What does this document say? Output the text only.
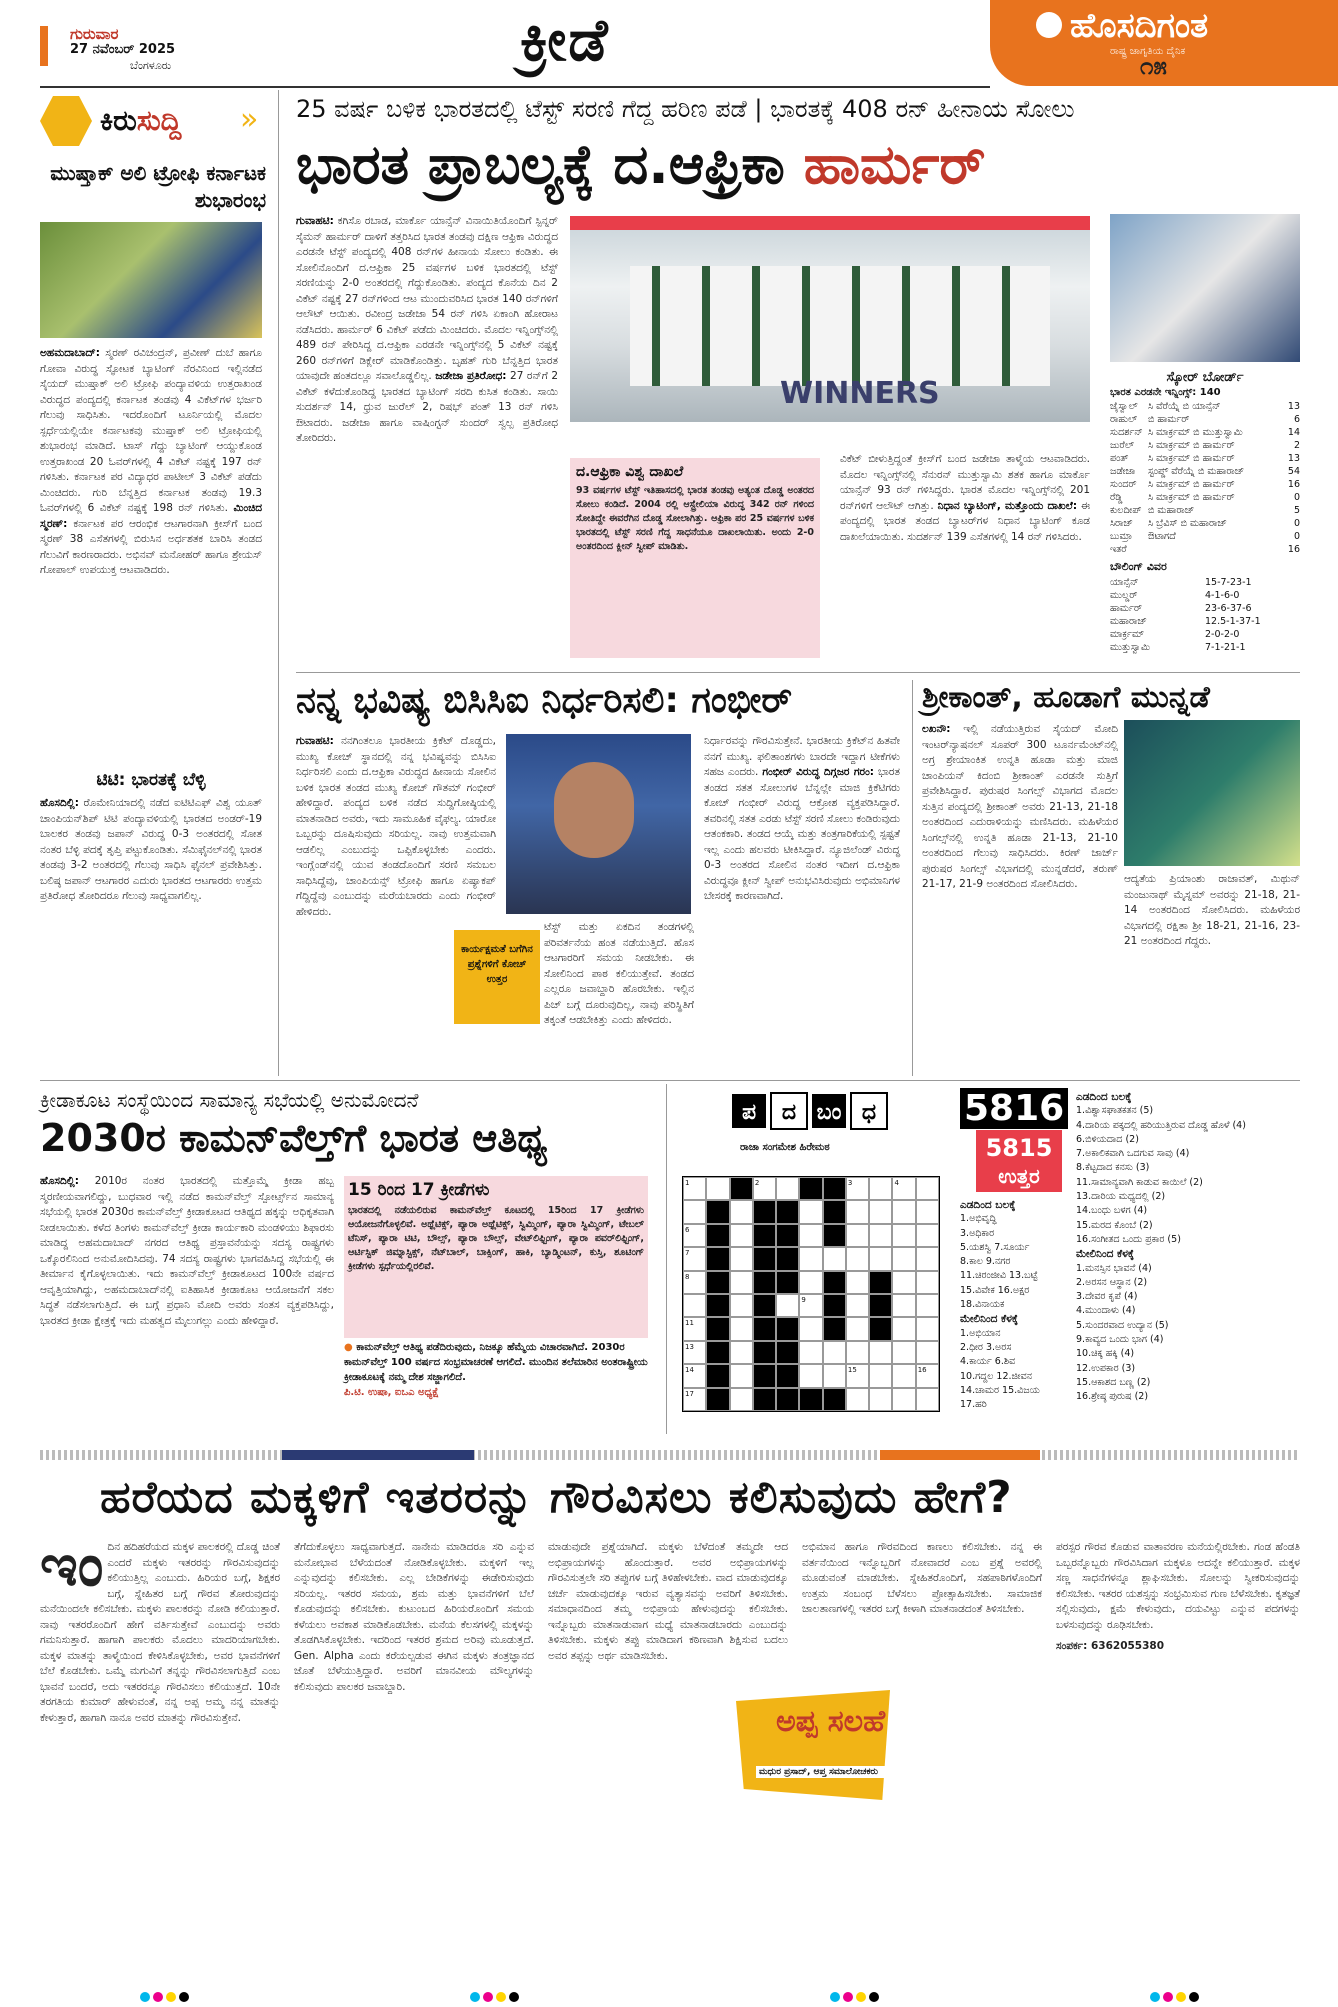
ಗುರುವಾರ
27 ನವೆಂಬರ್ 2025
ಬೆಂಗಳೂರು	ಕ್ರೀಡೆ	ಹೊಸದಿಗಂತ
ರಾಷ್ಟ್ರ ಜಾಗೃತಿಯ ದೈನಿಕ
೧೫
ಕಿರುಸುದ್ದಿ »
ಮುಷ್ತಾಕ್ ಅಲಿ ಟ್ರೋಫಿ ಕರ್ನಾಟಕ ಶುಭಾರಂಭ
ಅಹಮದಾಬಾದ್: ಸ್ಮರಣ್ ರವಿಚಂದ್ರನ್, ಪ್ರವೀಣ್ ದುಬೆ ಹಾಗೂ ಗೋವಾ ವಿರುದ್ಧ ಸ್ಫೋಟಕ ಬ್ಯಾಟಿಂಗ್ ನೆರವಿನಿಂದ ಇಲ್ಲಿನಡೆದ ಸೈಯದ್ ಮುಷ್ತಾಕ್ ಅಲಿ ಟ್ರೋಫಿ ಪಂದ್ಯಾವಳಿಯ ಉತ್ತರಾಖಂಡ ವಿರುದ್ಧದ ಪಂದ್ಯದಲ್ಲಿ ಕರ್ನಾಟಕ ತಂಡವು 4 ವಿಕೆಟ್‌ಗಳ ಭರ್ಜರಿ ಗೆಲುವು ಸಾಧಿಸಿತು. ಇದರೊಂದಿಗೆ ಟೂರ್ನಿಯಲ್ಲಿ ಮೊದಲ ಸ್ಪರ್ಧೆಯಲ್ಲಿಯೇ ಕರ್ನಾಟಕವು ಮುಷ್ತಾಕ್ ಅಲಿ ಟ್ರೋಫಿಯಲ್ಲಿ ಶುಭಾರಂಭ ಮಾಡಿದೆ. ಟಾಸ್ ಗೆದ್ದು ಬ್ಯಾಟಿಂಗ್ ಆಯ್ದುಕೊಂಡ ಉತ್ತರಾಖಂಡ 20 ಓವರ್‌ಗಳಲ್ಲಿ 4 ವಿಕೆಟ್ ನಷ್ಟಕ್ಕೆ 197 ರನ್ ಗಳಿಸಿತು. ಕರ್ನಾಟಕ ಪರ ವಿದ್ಯಾಧರ ಪಾಟೀಲ್ 3 ವಿಕೆಟ್ ಪಡೆದು ಮಿಂಚಿದರು. ಗುರಿ ಬೆನ್ನತ್ತಿದ ಕರ್ನಾಟಕ ತಂಡವು 19.3 ಓವರ್‌ಗಳಲ್ಲಿ 6 ವಿಕೆಟ್ ನಷ್ಟಕ್ಕೆ 198 ರನ್ ಗಳಿಸಿತು. ಮಿಂಚಿದ ಸ್ಮರಣ್: ಕರ್ನಾಟಕ ಪರ ಆರಂಭಿಕ ಆಟಗಾರನಾಗಿ ಕ್ರೀಸ್‌ಗೆ ಬಂದ ಸ್ಮರಣ್ 38 ಎಸೆತಗಳಲ್ಲಿ ಬಿರುಸಿನ ಅರ್ಧಶತಕ ಬಾರಿಸಿ ತಂಡದ ಗೆಲುವಿಗೆ ಕಾರಣರಾದರು. ಅಭಿನವ್ ಮನೋಹರ್ ಹಾಗೂ ಶ್ರೇಯಸ್ ಗೋಪಾಲ್ ಉಪಯುಕ್ತ ಆಟವಾಡಿದರು.
ಟಿಟಿ: ಭಾರತಕ್ಕೆ ಬೆಳ್ಳಿ
ಹೊಸದಿಲ್ಲಿ: ರೊಮೇನಿಯಾದಲ್ಲಿ ನಡೆದ ಐಟಿಟಿಎಫ್ ವಿಶ್ವ ಯೂತ್ ಚಾಂಪಿಯನ್‌ಶಿಪ್ ಟಿಟಿ ಪಂದ್ಯಾವಳಿಯಲ್ಲಿ ಭಾರತದ ಅಂಡರ್-19 ಬಾಲಕರ ತಂಡವು ಜಪಾನ್ ವಿರುದ್ಧ 0-3 ಅಂತರದಲ್ಲಿ ಸೋತ ನಂತರ ಬೆಳ್ಳಿ ಪದಕ್ಕೆ ತೃಪ್ತಿ ಪಟ್ಟುಕೊಂಡಿತು. ಸೆಮಿಫೈನಲ್‌ನಲ್ಲಿ ಭಾರತ ತಂಡವು 3-2 ಅಂತರದಲ್ಲಿ ಗೆಲುವು ಸಾಧಿಸಿ ಫೈನಲ್ ಪ್ರವೇಶಿಸಿತ್ತು. ಬಲಿಷ್ಠ ಜಪಾನ್ ಆಟಗಾರರ ಎದುರು ಭಾರತದ ಆಟಗಾರರು ಉತ್ತಮ ಪ್ರತಿರೋಧ ತೋರಿದರೂ ಗೆಲುವು ಸಾಧ್ಯವಾಗಲಿಲ್ಲ.
25 ವರ್ಷ ಬಳಿಕ ಭಾರತದಲ್ಲಿ ಟೆಸ್ಟ್ ಸರಣಿ ಗೆದ್ದ ಹರಿಣ ಪಡೆ | ಭಾರತಕ್ಕೆ 408 ರನ್ ಹೀನಾಯ ಸೋಲು
ಭಾರತ ಪ್ರಾಬಲ್ಯಕ್ಕೆ ದ.ಆಫ್ರಿಕಾ ಹಾರ್ಮರ್
ಗುವಾಹಟಿ: ಕಗಿಸೊ ರಬಾಡ, ಮಾರ್ಕೊ ಯಾನ್ಸೆನ್ ವಿನಾಯಿತಿಯೊಂದಿಗೆ ಸ್ಪಿನ್ನರ್ ಸೈಮನ್ ಹಾರ್ಮರ್ ದಾಳಿಗೆ ತತ್ತರಿಸಿದ ಭಾರತ ತಂಡವು ದಕ್ಷಿಣ ಆಫ್ರಿಕಾ ವಿರುದ್ಧದ ಎರಡನೇ ಟೆಸ್ಟ್ ಪಂದ್ಯದಲ್ಲಿ 408 ರನ್‌ಗಳ ಹೀನಾಯ ಸೋಲು ಕಂಡಿತು. ಈ ಸೋಲಿನೊಂದಿಗೆ ದ.ಆಫ್ರಿಕಾ 25 ವರ್ಷಗಳ ಬಳಿಕ ಭಾರತದಲ್ಲಿ ಟೆಸ್ಟ್ ಸರಣಿಯನ್ನು 2-0 ಅಂತರದಲ್ಲಿ ಗೆದ್ದುಕೊಂಡಿತು. ಪಂದ್ಯದ ಕೊನೆಯ ದಿನ 2 ವಿಕೆಟ್ ನಷ್ಟಕ್ಕೆ 27 ರನ್‌ಗಳಿಂದ ಆಟ ಮುಂದುವರಿಸಿದ ಭಾರತ 140 ರನ್‌ಗಳಿಗೆ ಆಲೌಟ್ ಆಯಿತು. ರವೀಂದ್ರ ಜಡೇಜಾ 54 ರನ್ ಗಳಿಸಿ ಏಕಾಂಗಿ ಹೋರಾಟ ನಡೆಸಿದರು. ಹಾರ್ಮರ್ 6 ವಿಕೆಟ್ ಪಡೆದು ಮಿಂಚಿದರು. ಮೊದಲ ಇನ್ನಿಂಗ್ಸ್‌ನಲ್ಲಿ 489 ರನ್ ಪೇರಿಸಿದ್ದ ದ.ಆಫ್ರಿಕಾ ಎರಡನೇ ಇನ್ನಿಂಗ್ಸ್‌ನಲ್ಲಿ 5 ವಿಕೆಟ್ ನಷ್ಟಕ್ಕೆ 260 ರನ್‌ಗಳಿಗೆ ಡಿಕ್ಲೇರ್ ಮಾಡಿಕೊಂಡಿತ್ತು. ಬೃಹತ್ ಗುರಿ ಬೆನ್ನತ್ತಿದ ಭಾರತ ಯಾವುದೇ ಹಂತದಲ್ಲೂ ಸವಾಲೊಡ್ಡಲಿಲ್ಲ. ಜಡೇಜಾ ಪ್ರತಿರೋಧ: 27 ರನ್‌ಗೆ 2 ವಿಕೆಟ್ ಕಳೆದುಕೊಂಡಿದ್ದ ಭಾರತದ ಬ್ಯಾಟಿಂಗ್ ಸರದಿ ಕುಸಿತ ಕಂಡಿತು. ಸಾಯಿ ಸುದರ್ಶನ್ 14, ಧ್ರುವ ಜುರೆಲ್ 2, ರಿಷಭ್ ಪಂತ್ 13 ರನ್ ಗಳಿಸಿ ಔಟಾದರು. ಜಡೇಜಾ ಹಾಗೂ ವಾಷಿಂಗ್ಟನ್ ಸುಂದರ್ ಸ್ವಲ್ಪ ಪ್ರತಿರೋಧ ತೋರಿದರು.
WINNERS
ದ.ಆಫ್ರಿಕಾ ವಿಶ್ವ ದಾಖಲೆ
93 ವರ್ಷಗಳ ಟೆಸ್ಟ್ ಇತಿಹಾಸದಲ್ಲಿ ಭಾರತ ತಂಡವು ಅತ್ಯಂತ ದೊಡ್ಡ ಅಂತರದ ಸೋಲು ಕಂಡಿದೆ. 2004 ರಲ್ಲಿ ಆಸ್ಟ್ರೇಲಿಯಾ ವಿರುದ್ಧ 342 ರನ್ ಗಳಿಂದ ಸೋತಿದ್ದೇ ಈವರೆಗಿನ ದೊಡ್ಡ ಸೋಲಾಗಿತ್ತು. ಆಫ್ರಿಕಾ ಪರ 25 ವರ್ಷಗಳ ಬಳಿಕ ಭಾರತದಲ್ಲಿ ಟೆಸ್ಟ್ ಸರಣಿ ಗೆದ್ದ ಸಾಧನೆಯೂ ದಾಖಲಾಯಿತು. ಅಂದು 2-0 ಅಂತರದಿಂದ ಕ್ಲೀನ್ ಸ್ವೀಪ್ ಮಾಡಿತು.
ವಿಕೆಟ್ ಬೀಳುತ್ತಿದ್ದಂತೆ ಕ್ರೀಸ್‌ಗೆ ಬಂದ ಜಡೇಜಾ ತಾಳ್ಮೆಯ ಆಟವಾಡಿದರು. ಮೊದಲ ಇನ್ನಿಂಗ್ಸ್‌ನಲ್ಲಿ ಸೆನುರನ್ ಮುತ್ತುಸ್ವಾಮಿ ಶತಕ ಹಾಗೂ ಮಾರ್ಕೊ ಯಾನ್ಸೆನ್ 93 ರನ್ ಗಳಿಸಿದ್ದರು. ಭಾರತ ಮೊದಲ ಇನ್ನಿಂಗ್ಸ್‌ನಲ್ಲಿ 201 ರನ್‌ಗಳಿಗೆ ಆಲೌಟ್ ಆಗಿತ್ತು. ನಿಧಾನ ಬ್ಯಾಟಿಂಗ್, ಮತ್ತೊಂದು ದಾಖಲೆ: ಈ ಪಂದ್ಯದಲ್ಲಿ ಭಾರತ ತಂಡದ ಬ್ಯಾಟರ್‌ಗಳ ನಿಧಾನ ಬ್ಯಾಟಿಂಗ್ ಕೂಡ ದಾಖಲೆಯಾಯಿತು. ಸುದರ್ಶನ್ 139 ಎಸೆತಗಳಲ್ಲಿ 14 ರನ್ ಗಳಿಸಿದರು.
ಸ್ಕೋರ್ ಬೋರ್ಡ್
ಭಾರತ ಎರಡನೇ ಇನ್ನಿಂಗ್ಸ್: 140
ಜೈಸ್ವಾಲ್	ಸಿ ವೆರೆಯ್ನೆ ಬಿ ಯಾನ್ಸೆನ್	13
ರಾಹುಲ್	ಬಿ ಹಾರ್ಮರ್	6
ಸುದರ್ಶನ್ ಸಿ ಮಾರ್ಕ್ರಮ್ ಬಿ ಮುತ್ತುಸ್ವಾಮಿ	14
ಜುರೆಲ್	ಸಿ ಮಾರ್ಕ್ರಮ್ ಬಿ ಹಾರ್ಮರ್	2
ಪಂತ್	ಸಿ ಮಾರ್ಕ್ರಮ್ ಬಿ ಹಾರ್ಮರ್	13
ಜಡೇಜಾ	ಸ್ಟಂಪ್ಡ್ ವೆರೆಯ್ನೆ ಬಿ ಮಹಾರಾಜ್	54
ಸುಂದರ್	ಸಿ ಮಾರ್ಕ್ರಮ್ ಬಿ ಹಾರ್ಮರ್	16
ರೆಡ್ಡಿ	ಸಿ ಮಾರ್ಕ್ರಮ್ ಬಿ ಹಾರ್ಮರ್	0
ಕುಲದೀಪ್ ಬಿ ಮಹಾರಾಜ್	5
ಸಿರಾಜ್	ಸಿ ಬ್ರೆವಿಸ್ ಬಿ ಮಹಾರಾಜ್	0
ಬುಮ್ರಾ	ಔಟಾಗದೆ	0
ಇತರೆ	16
ಬೌಲಿಂಗ್ ವಿವರ
ಯಾನ್ಸೆನ್	15-7-23-1
ಮುಲ್ಡರ್	4-1-6-0
ಹಾರ್ಮರ್	23-6-37-6
ಮಹಾರಾಜ್	12.5-1-37-1
ಮಾರ್ಕ್ರಮ್	2-0-2-0
ಮುತ್ತುಸ್ವಾಮಿ	7-1-21-1
ನನ್ನ ಭವಿಷ್ಯ ಬಿಸಿಸಿಐ ನಿರ್ಧರಿಸಲಿ: ಗಂಭೀರ್
ಗುವಾಹಟಿ: ನನಗಿಂತಲೂ ಭಾರತೀಯ ಕ್ರಿಕೆಟ್ ದೊಡ್ಡದು, ಮುಖ್ಯ ಕೋಚ್ ಸ್ಥಾನದಲ್ಲಿ ನನ್ನ ಭವಿಷ್ಯವನ್ನು ಬಿಸಿಸಿಐ ನಿರ್ಧರಿಸಲಿ ಎಂದು ದ.ಆಫ್ರಿಕಾ ವಿರುದ್ಧದ ಹೀನಾಯ ಸೋಲಿನ ಬಳಿಕ ಭಾರತ ತಂಡದ ಮುಖ್ಯ ಕೋಚ್ ಗೌತಮ್ ಗಂಭೀರ್ ಹೇಳಿದ್ದಾರೆ. ಪಂದ್ಯದ ಬಳಿಕ ನಡೆದ ಸುದ್ದಿಗೋಷ್ಠಿಯಲ್ಲಿ ಮಾತನಾಡಿದ ಅವರು, ಇದು ಸಾಮೂಹಿಕ ವೈಫಲ್ಯ. ಯಾರೋ ಒಬ್ಬರನ್ನು ದೂಷಿಸುವುದು ಸರಿಯಲ್ಲ. ನಾವು ಉತ್ತಮವಾಗಿ ಆಡಲಿಲ್ಲ ಎಂಬುದನ್ನು ಒಪ್ಪಿಕೊಳ್ಳಬೇಕು ಎಂದರು. ಇಂಗ್ಲೆಂಡ್‌ನಲ್ಲಿ ಯುವ ತಂಡದೊಂದಿಗೆ ಸರಣಿ ಸಮಬಲ ಸಾಧಿಸಿದ್ದೆವು, ಚಾಂಪಿಯನ್ಸ್ ಟ್ರೋಫಿ ಹಾಗೂ ಏಷ್ಯಾಕಪ್ ಗೆದ್ದಿದ್ದೆವು ಎಂಬುದನ್ನು ಮರೆಯಬಾರದು ಎಂದು ಗಂಭೀರ್ ಹೇಳಿದರು.
ಕಾರ್ಯಕ್ಷಮತೆ ಬಗೆಗಿನ ಪ್ರಶ್ನೆಗಳಿಗೆ ಕೋಚ್ ಉತ್ತರ
ಟೆಸ್ಟ್ ಮತ್ತು ಏಕದಿನ ತಂಡಗಳಲ್ಲಿ ಪರಿವರ್ತನೆಯ ಹಂತ ನಡೆಯುತ್ತಿದೆ. ಹೊಸ ಆಟಗಾರರಿಗೆ ಸಮಯ ನೀಡಬೇಕು. ಈ ಸೋಲಿನಿಂದ ಪಾಠ ಕಲಿಯುತ್ತೇವೆ. ತಂಡದ ಎಲ್ಲರೂ ಜವಾಬ್ದಾರಿ ಹೊರಬೇಕು. ಇಲ್ಲಿನ ಪಿಚ್ ಬಗ್ಗೆ ದೂರುವುದಿಲ್ಲ, ನಾವು ಪರಿಸ್ಥಿತಿಗೆ ತಕ್ಕಂತೆ ಆಡಬೇಕಿತ್ತು ಎಂದು ಹೇಳಿದರು.
ನಿರ್ಧಾರವನ್ನು ಗೌರವಿಸುತ್ತೇನೆ. ಭಾರತೀಯ ಕ್ರಿಕೆಟ್‌ನ ಹಿತವೇ ನನಗೆ ಮುಖ್ಯ. ಫಲಿತಾಂಶಗಳು ಬಾರದೇ ಇದ್ದಾಗ ಟೀಕೆಗಳು ಸಹಜ ಎಂದರು. ಗಂಭೀರ್ ವಿರುದ್ಧ ದಿಗ್ಗಜರ ಗರಂ: ಭಾರತ ತಂಡದ ಸತತ ಸೋಲುಗಳ ಬೆನ್ನಲ್ಲೇ ಮಾಜಿ ಕ್ರಿಕೆಟಿಗರು ಕೋಚ್ ಗಂಭೀರ್ ವಿರುದ್ಧ ಆಕ್ರೋಶ ವ್ಯಕ್ತಪಡಿಸಿದ್ದಾರೆ. ತವರಿನಲ್ಲಿ ಸತತ ಎರಡು ಟೆಸ್ಟ್ ಸರಣಿ ಸೋಲು ಕಂಡಿರುವುದು ಆತಂಕಕಾರಿ. ತಂಡದ ಆಯ್ಕೆ ಮತ್ತು ತಂತ್ರಗಾರಿಕೆಯಲ್ಲಿ ಸ್ಪಷ್ಟತೆ ಇಲ್ಲ ಎಂದು ಹಲವರು ಟೀಕಿಸಿದ್ದಾರೆ. ನ್ಯೂಜಿಲೆಂಡ್ ವಿರುದ್ಧ 0-3 ಅಂತರದ ಸೋಲಿನ ನಂತರ ಇದೀಗ ದ.ಆಫ್ರಿಕಾ ವಿರುದ್ಧವೂ ಕ್ಲೀನ್ ಸ್ವೀಪ್ ಅನುಭವಿಸಿರುವುದು ಅಭಿಮಾನಿಗಳ ಬೇಸರಕ್ಕೆ ಕಾರಣವಾಗಿದೆ.
ಶ್ರೀಕಾಂತ್, ಹೂಡಾಗೆ ಮುನ್ನಡೆ
ಲಖನೌ: ಇಲ್ಲಿ ನಡೆಯುತ್ತಿರುವ ಸೈಯದ್ ಮೋದಿ ಇಂಟರ್‌ನ್ಯಾಷನಲ್ ಸೂಪರ್ 300 ಟೂರ್ನಮೆಂಟ್‌ನಲ್ಲಿ ಅಗ್ರ ಶ್ರೇಯಾಂಕಿತ ಉನ್ನತಿ ಹೂಡಾ ಮತ್ತು ಮಾಜಿ ಚಾಂಪಿಯನ್ ಕಿದಂಬಿ ಶ್ರೀಕಾಂತ್ ಎರಡನೇ ಸುತ್ತಿಗೆ ಪ್ರವೇಶಿಸಿದ್ದಾರೆ. ಪುರುಷರ ಸಿಂಗಲ್ಸ್ ವಿಭಾಗದ ಮೊದಲ ಸುತ್ತಿನ ಪಂದ್ಯದಲ್ಲಿ ಶ್ರೀಕಾಂತ್ ಅವರು 21-13, 21-18 ಅಂತರದಿಂದ ಎದುರಾಳಿಯನ್ನು ಮಣಿಸಿದರು. ಮಹಿಳೆಯರ ಸಿಂಗಲ್ಸ್‌ನಲ್ಲಿ ಉನ್ನತಿ ಹೂಡಾ 21-13, 21-10 ಅಂತರದಿಂದ ಗೆಲುವು ಸಾಧಿಸಿದರು. ಕಿರಣ್ ಜಾರ್ಜ್ ಪುರುಷರ ಸಿಂಗಲ್ಸ್ ವಿಭಾಗದಲ್ಲಿ ಮುನ್ನಡೆದರೆ, ತರುಣ್ 21-17, 21-9 ಅಂತರದಿಂದ ಸೋಲಿಸಿದರು.	ಆದ್ಯತೆಯ ಪ್ರಿಯಾಂಶು ರಾಜಾವತ್, ಮಿಥುನ್ ಮಂಜುನಾಥ್ ಮೈಸ್ನಮ್ ಅವರನ್ನು 21-18, 21-14 ಅಂತರದಿಂದ ಸೋಲಿಸಿದರು. ಮಹಿಳೆಯರ ವಿಭಾಗದಲ್ಲಿ ರಕ್ಷಿತಾ ಶ್ರೀ 18-21, 21-16, 23-21 ಅಂತರದಿಂದ ಗೆದ್ದರು.
ಕ್ರೀಡಾಕೂಟ ಸಂಸ್ಥೆಯಿಂದ ಸಾಮಾನ್ಯ ಸಭೆಯಲ್ಲಿ ಅನುಮೋದನೆ
2030ರ ಕಾಮನ್‌ವೆಲ್ತ್‌ಗೆ ಭಾರತ ಆತಿಥ್ಯ
ಹೊಸದಿಲ್ಲಿ: 2010ರ ನಂತರ ಭಾರತದಲ್ಲಿ ಮತ್ತೊಮ್ಮೆ ಕ್ರೀಡಾ ಹಬ್ಬ ಸ್ಮರಣೀಯವಾಗಲಿದ್ದು, ಬುಧವಾರ ಇಲ್ಲಿ ನಡೆದ ಕಾಮನ್‌ವೆಲ್ತ್ ಸ್ಪೋರ್ಟ್ಸ್‌ನ ಸಾಮಾನ್ಯ ಸಭೆಯಲ್ಲಿ ಭಾರತ 2030ರ ಕಾಮನ್‌ವೆಲ್ತ್ ಕ್ರೀಡಾಕೂಟದ ಆತಿಥ್ಯದ ಹಕ್ಕನ್ನು ಅಧಿಕೃತವಾಗಿ ನೀಡಲಾಯಿತು. ಕಳೆದ ತಿಂಗಳು ಕಾಮನ್‌ವೆಲ್ತ್ ಕ್ರೀಡಾ ಕಾರ್ಯಕಾರಿ ಮಂಡಳಿಯು ಶಿಫಾರಸು ಮಾಡಿದ್ದ ಅಹಮದಾಬಾದ್ ನಗರದ ಆತಿಥ್ಯ ಪ್ರಸ್ತಾವನೆಯನ್ನು ಸದಸ್ಯ ರಾಷ್ಟ್ರಗಳು ಒಕ್ಕೊರಲಿನಿಂದ ಅನುಮೋದಿಸಿದವು. 74 ಸದಸ್ಯ ರಾಷ್ಟ್ರಗಳು ಭಾಗವಹಿಸಿದ್ದ ಸಭೆಯಲ್ಲಿ ಈ ತೀರ್ಮಾನ ಕೈಗೊಳ್ಳಲಾಯಿತು. ಇದು ಕಾಮನ್‌ವೆಲ್ತ್ ಕ್ರೀಡಾಕೂಟದ 100ನೇ ವರ್ಷದ ಆವೃತ್ತಿಯಾಗಿದ್ದು, ಅಹಮದಾಬಾದ್‌ನಲ್ಲಿ ಐತಿಹಾಸಿಕ ಕ್ರೀಡಾಕೂಟ ಆಯೋಜನೆಗೆ ಸಕಲ ಸಿದ್ಧತೆ ನಡೆಸಲಾಗುತ್ತಿದೆ. ಈ ಬಗ್ಗೆ ಪ್ರಧಾನಿ ಮೋದಿ ಅವರು ಸಂತಸ ವ್ಯಕ್ತಪಡಿಸಿದ್ದು, ಭಾರತದ ಕ್ರೀಡಾ ಕ್ಷೇತ್ರಕ್ಕೆ ಇದು ಮಹತ್ವದ ಮೈಲುಗಲ್ಲು ಎಂದು ಹೇಳಿದ್ದಾರೆ.
15 ರಿಂದ 17 ಕ್ರೀಡೆಗಳು
ಭಾರತದಲ್ಲಿ ನಡೆಯಲಿರುವ ಕಾಮನ್‌ವೆಲ್ತ್ ಕೂಟದಲ್ಲಿ 15ರಿಂದ 17 ಕ್ರೀಡೆಗಳು ಆಯೋಜನೆಗೊಳ್ಳಲಿವೆ. ಅಥ್ಲೆಟಿಕ್ಸ್, ಪ್ಯಾರಾ ಅಥ್ಲೆಟಿಕ್ಸ್, ಸ್ವಿಮ್ಮಿಂಗ್, ಪ್ಯಾರಾ ಸ್ವಿಮ್ಮಿಂಗ್, ಟೇಬಲ್ ಟೆನಿಸ್, ಪ್ಯಾರಾ ಟಿಟಿ, ಬೌಲ್ಸ್, ಪ್ಯಾರಾ ಬೌಲ್ಸ್, ವೇಟ್‌ಲಿಫ್ಟಿಂಗ್, ಪ್ಯಾರಾ ಪವರ್‌ಲಿಫ್ಟಿಂಗ್, ಆರ್ಟಿಸ್ಟಿಕ್ ಜಿಮ್ನಾಸ್ಟಿಕ್ಸ್, ನೆಟ್‌ಬಾಲ್, ಬಾಕ್ಸಿಂಗ್, ಹಾಕಿ, ಬ್ಯಾಡ್ಮಿಂಟನ್, ಕುಸ್ತಿ, ಶೂಟಿಂಗ್ ಕ್ರೀಡೆಗಳು ಸ್ಪರ್ಧೆಯಲ್ಲಿರಲಿವೆ.
● ಕಾಮನ್‌ವೆಲ್ತ್ ಆತಿಥ್ಯ ಪಡೆದಿರುವುದು, ನಿಜಕ್ಕೂ ಹೆಮ್ಮೆಯ ವಿಚಾರವಾಗಿದೆ. 2030ರ ಕಾಮನ್‌ವೆಲ್ತ್ 100 ವರ್ಷದ ಸಂಭ್ರಮಾಚರಣೆ ಆಗಲಿದೆ. ಮುಂದಿನ ತಲೆಮಾರಿನ ಅಂತರಾಷ್ಟ್ರೀಯ ಕ್ರೀಡಾಕೂಟಕ್ಕೆ ನಮ್ಮ ದೇಶ ಸಜ್ಜಾಗಲಿದೆ.
ಪಿ.ಟಿ. ಉಷಾ, ಐಒಎ ಅಧ್ಯಕ್ಷೆ
ಪ	ದ ಬಂ ಧ
ರಾಜಾ ಸಂಗಮೇಶ ಹಿರೇಮಠ
1	2	3	4
6
7
8
9
11
13
14	15	16
17
5816
5815
ಉತ್ತರ
ಎಡದಿಂದ ಬಲಕ್ಕೆ
1.ಅಭಿವೃದ್ಧಿ
3.ಅಧಿಕಾರ
5.ಯಶಸ್ವಿ 7.ಸೂರ್ಯ
8.ಕಾಲ 9.ನಗರ
11.ಚಿರಂಜೀವಿ 13.ಬಟ್ಟೆ
15.ವಿವೇಕ 16.ಅಕ್ಷರ
18.ವಿನಾಯಕ
ಮೇಲಿನಿಂದ ಕೆಳಕ್ಕೆ
1.ಅಭಿಯಾನ
2.ಧೀರ 3.ಅರಸ
4.ಕಾರ್ಯ 6.ಶಿವ
10.ಗದ್ದಲ 12.ಜೀವನ
14.ಚಾಮರ 15.ವಿಜಯ
17.ಹರಿ
ಎಡದಿಂದ ಬಲಕ್ಕೆ
1.ವಿಶ್ವಾಸಘಾತಕತನ (5)
4.ದಾರಿಯ ಪಕ್ಕದಲ್ಲಿ ಹರಿಯುತ್ತಿರುವ ದೊಡ್ಡ ಹೊಳೆ (4)
6.ಬಿಳಿಯದಾದ (2)
7.ಅಕಾಲಿಕವಾಗಿ ಒದಗುವ ಸಾವು (4)
8.ಕೆಟ್ಟದಾದ ಕನಸು (3)
11.ಸಾಮಾನ್ಯವಾಗಿ ಕಾಡುವ ಕಾಯಿಲೆ (2)
13.ದಾರಿಯ ಮಧ್ಯದಲ್ಲಿ (2)
14.ಬಂಧು ಬಳಗ (4)
15.ಮರದ ಕೊಂಬೆ (2)
16.ಸಂಗೀತದ ಒಂದು ಪ್ರಕಾರ (5)
ಮೇಲಿನಿಂದ ಕೆಳಕ್ಕೆ
1.ಮನಸ್ಸಿನ ಭಾವನೆ (4)
2.ಅರಸನ ಆಸ್ಥಾನ (2)
3.ದೇವರ ಕೃಪೆ (4)
4.ಮುಂದಾಳು (4)
5.ಸುಂದರವಾದ ಉದ್ಯಾನ (5)
9.ಕಾವ್ಯದ ಒಂದು ಭಾಗ (4)
10.ಚಿಕ್ಕ ಹಕ್ಕಿ (4)
12.ಉಪಕಾರ (3)
15.ಆಕಾಶದ ಬಣ್ಣ (2)
16.ಶ್ರೇಷ್ಠ ಪುರುಷ (2)
ಹರೆಯದ ಮಕ್ಕಳಿಗೆ ಇತರರನ್ನು ಗೌರವಿಸಲು ಕಲಿಸುವುದು ಹೇಗೆ?
ಇಂದಿನ ಹದಿಹರೆಯದ ಮಕ್ಕಳ ಪಾಲಕರಲ್ಲಿ ದೊಡ್ಡ ಚಿಂತೆ ಎಂದರೆ ಮಕ್ಕಳು ಇತರರನ್ನು ಗೌರವಿಸುವುದನ್ನು ಕಲಿಯುತ್ತಿಲ್ಲ ಎಂಬುದು. ಹಿರಿಯರ ಬಗ್ಗೆ, ಶಿಕ್ಷಕರ ಬಗ್ಗೆ, ಸ್ನೇಹಿತರ ಬಗ್ಗೆ ಗೌರವ ತೋರುವುದನ್ನು ಮನೆಯಿಂದಲೇ ಕಲಿಸಬೇಕು. ಮಕ್ಕಳು ಪಾಲಕರನ್ನು ನೋಡಿ ಕಲಿಯುತ್ತಾರೆ. ನಾವು ಇತರರೊಂದಿಗೆ ಹೇಗೆ ವರ್ತಿಸುತ್ತೇವೆ ಎಂಬುದನ್ನು ಅವರು ಗಮನಿಸುತ್ತಾರೆ. ಹಾಗಾಗಿ ಪಾಲಕರು ಮೊದಲು ಮಾದರಿಯಾಗಬೇಕು. ಮಕ್ಕಳ ಮಾತನ್ನು ತಾಳ್ಮೆಯಿಂದ ಕೇಳಿಸಿಕೊಳ್ಳಬೇಕು, ಅವರ ಭಾವನೆಗಳಿಗೆ ಬೆಲೆ ಕೊಡಬೇಕು. ಒಮ್ಮೆ ಮಗುವಿಗೆ ತನ್ನನ್ನು ಗೌರವಿಸಲಾಗುತ್ತಿದೆ ಎಂಬ ಭಾವನೆ ಬಂದರೆ, ಅದು ಇತರರನ್ನೂ ಗೌರವಿಸಲು ಕಲಿಯುತ್ತದೆ. 10ನೇ ತರಗತಿಯ ಕುಮಾರ್ ಹೇಳುವಂತೆ, ನನ್ನ ಅಪ್ಪ ಅಮ್ಮ ನನ್ನ ಮಾತನ್ನು ಕೇಳುತ್ತಾರೆ, ಹಾಗಾಗಿ ನಾನೂ ಅವರ ಮಾತನ್ನು ಗೌರವಿಸುತ್ತೇನೆ.
ತೆಗೆದುಕೊಳ್ಳಲು ಸಾಧ್ಯವಾಗುತ್ತದೆ. ನಾನೇನು ಮಾಡಿದರೂ ಸರಿ ಎನ್ನುವ ಮನೋಭಾವ ಬೆಳೆಯದಂತೆ ನೋಡಿಕೊಳ್ಳಬೇಕು. ಮಕ್ಕಳಿಗೆ ಇಲ್ಲ ಎನ್ನುವುದನ್ನು ಕಲಿಸಬೇಕು. ಎಲ್ಲ ಬೇಡಿಕೆಗಳನ್ನು ಈಡೇರಿಸುವುದು ಸರಿಯಲ್ಲ. ಇತರರ ಸಮಯ, ಶ್ರಮ ಮತ್ತು ಭಾವನೆಗಳಿಗೆ ಬೆಲೆ ಕೊಡುವುದನ್ನು ಕಲಿಸಬೇಕು. ಕುಟುಂಬದ ಹಿರಿಯರೊಂದಿಗೆ ಸಮಯ ಕಳೆಯಲು ಅವಕಾಶ ಮಾಡಿಕೊಡಬೇಕು. ಮನೆಯ ಕೆಲಸಗಳಲ್ಲಿ ಮಕ್ಕಳನ್ನು ತೊಡಗಿಸಿಕೊಳ್ಳಬೇಕು. ಇದರಿಂದ ಇತರರ ಶ್ರಮದ ಅರಿವು ಮೂಡುತ್ತದೆ. Gen. Alpha ಎಂದು ಕರೆಯಲ್ಪಡುವ ಈಗಿನ ಮಕ್ಕಳು ತಂತ್ರಜ್ಞಾನದ ಜೊತೆ ಬೆಳೆಯುತ್ತಿದ್ದಾರೆ. ಅವರಿಗೆ ಮಾನವೀಯ ಮೌಲ್ಯಗಳನ್ನು ಕಲಿಸುವುದು ಪಾಲಕರ ಜವಾಬ್ದಾರಿ.
ಮಾಡುವುದೇ ಪ್ರಶ್ನೆಯಾಗಿದೆ. ಮಕ್ಕಳು ಬೆಳೆದಂತೆ ತಮ್ಮದೇ ಆದ ಅಭಿಪ್ರಾಯಗಳನ್ನು ಹೊಂದುತ್ತಾರೆ. ಅವರ ಅಭಿಪ್ರಾಯಗಳನ್ನು ಗೌರವಿಸುತ್ತಲೇ ಸರಿ ತಪ್ಪುಗಳ ಬಗ್ಗೆ ತಿಳಿಹೇಳಬೇಕು. ವಾದ ಮಾಡುವುದಕ್ಕೂ ಚರ್ಚೆ ಮಾಡುವುದಕ್ಕೂ ಇರುವ ವ್ಯತ್ಯಾಸವನ್ನು ಅವರಿಗೆ ತಿಳಿಸಬೇಕು. ಸಮಾಧಾನದಿಂದ ತಮ್ಮ ಅಭಿಪ್ರಾಯ ಹೇಳುವುದನ್ನು ಕಲಿಸಬೇಕು. ಇನ್ನೊಬ್ಬರು ಮಾತನಾಡುವಾಗ ಮಧ್ಯೆ ಮಾತನಾಡಬಾರದು ಎಂಬುದನ್ನು ತಿಳಿಸಬೇಕು. ಮಕ್ಕಳು ತಪ್ಪು ಮಾಡಿದಾಗ ಕಠಿಣವಾಗಿ ಶಿಕ್ಷಿಸುವ ಬದಲು ಅವರ ತಪ್ಪನ್ನು ಅರ್ಥ ಮಾಡಿಸಬೇಕು.
ಅಪ್ಪ ಸಲಹೆ
ಮಧುರ ಪ್ರಸಾದ್, ಆಪ್ತ ಸಮಾಲೋಚಕರು
ಅಭಿಮಾನ ಹಾಗೂ ಗೌರವದಿಂದ ಕಾಣಲು ಕಲಿಸಬೇಕು. ನನ್ನ ಈ ವರ್ತನೆಯಿಂದ ಇನ್ನೊಬ್ಬರಿಗೆ ನೋವಾದರೆ ಎಂಬ ಪ್ರಶ್ನೆ ಅವರಲ್ಲಿ ಮೂಡುವಂತೆ ಮಾಡಬೇಕು. ಸ್ನೇಹಿತರೊಂದಿಗೆ, ಸಹಪಾಠಿಗಳೊಂದಿಗೆ ಉತ್ತಮ ಸಂಬಂಧ ಬೆಳೆಸಲು ಪ್ರೋತ್ಸಾಹಿಸಬೇಕು. ಸಾಮಾಜಿಕ ಜಾಲತಾಣಗಳಲ್ಲಿ ಇತರರ ಬಗ್ಗೆ ಕೀಳಾಗಿ ಮಾತನಾಡದಂತೆ ತಿಳಿಸಬೇಕು.
ಪರಸ್ಪರ ಗೌರವ ಕೊಡುವ ವಾತಾವರಣ ಮನೆಯಲ್ಲಿರಬೇಕು. ಗಂಡ ಹೆಂಡತಿ ಒಬ್ಬರನ್ನೊಬ್ಬರು ಗೌರವಿಸಿದಾಗ ಮಕ್ಕಳೂ ಅದನ್ನೇ ಕಲಿಯುತ್ತಾರೆ. ಮಕ್ಕಳ ಸಣ್ಣ ಸಾಧನೆಗಳನ್ನೂ ಶ್ಲಾಘಿಸಬೇಕು. ಸೋಲನ್ನು ಸ್ವೀಕರಿಸುವುದನ್ನು ಕಲಿಸಬೇಕು. ಇತರರ ಯಶಸ್ಸನ್ನು ಸಂಭ್ರಮಿಸುವ ಗುಣ ಬೆಳೆಸಬೇಕು. ಕೃತಜ್ಞತೆ ಸಲ್ಲಿಸುವುದು, ಕ್ಷಮೆ ಕೇಳುವುದು, ದಯವಿಟ್ಟು ಎನ್ನುವ ಪದಗಳನ್ನು ಬಳಸುವುದನ್ನು ರೂಢಿಸಬೇಕು.
ಸಂಪರ್ಕ: 6362055380
